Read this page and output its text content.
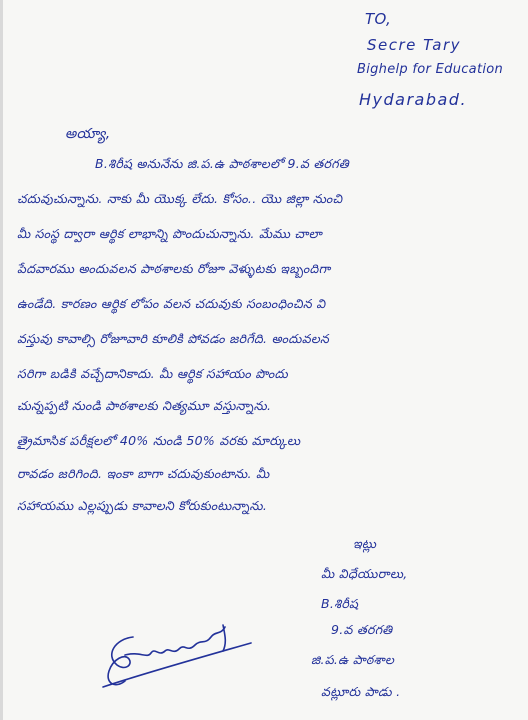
TO,
Secre Tary
Bighelp for Education
Hydarabad.
అయ్యా,
B.శిరీష అనునేను జి.ప.ఉ పాఠశాలలో 9.వ తరగతి
చదువుచున్నాను. నాకు మీ యొక్క లేదు. కోసం.. యొ జిల్లా నుంచి
మీ సంస్థ ద్వారా ఆర్థిక లాభాన్ని పొందుచున్నాను. మేము చాలా
పేదవారము అందువలన పాఠశాలకు రోజూ వెళ్ళుటకు ఇబ్బందిగా
ఉండేది. కారణం ఆర్థిక లోపం వలన చదువుకు సంబంధించిన వి
వస్తువు కావాల్సి రోజూవారి కూలికి పోవడం జరిగేది. అందువలన
సరిగా బడికి వచ్చేదానికాదు. మీ ఆర్థిక సహాయం పొందు
చున్నప్పటి నుండి పాఠశాలకు నిత్యమూ వస్తున్నాను.
త్రైమాసిక పరీక్షలలో 40% నుండి 50% వరకు మార్కులు
రావడం జరిగింది. ఇంకా బాగా చదువుకుంటాను. మీ
సహాయము ఎల్లప్పుడు కావాలని కోరుకుంటున్నాను.
ఇట్లు
మీ విధేయురాలు,
B.శిరీష
9.వ తరగతి
జి.ప.ఉ పాఠశాల
వట్లూరు పాడు .
